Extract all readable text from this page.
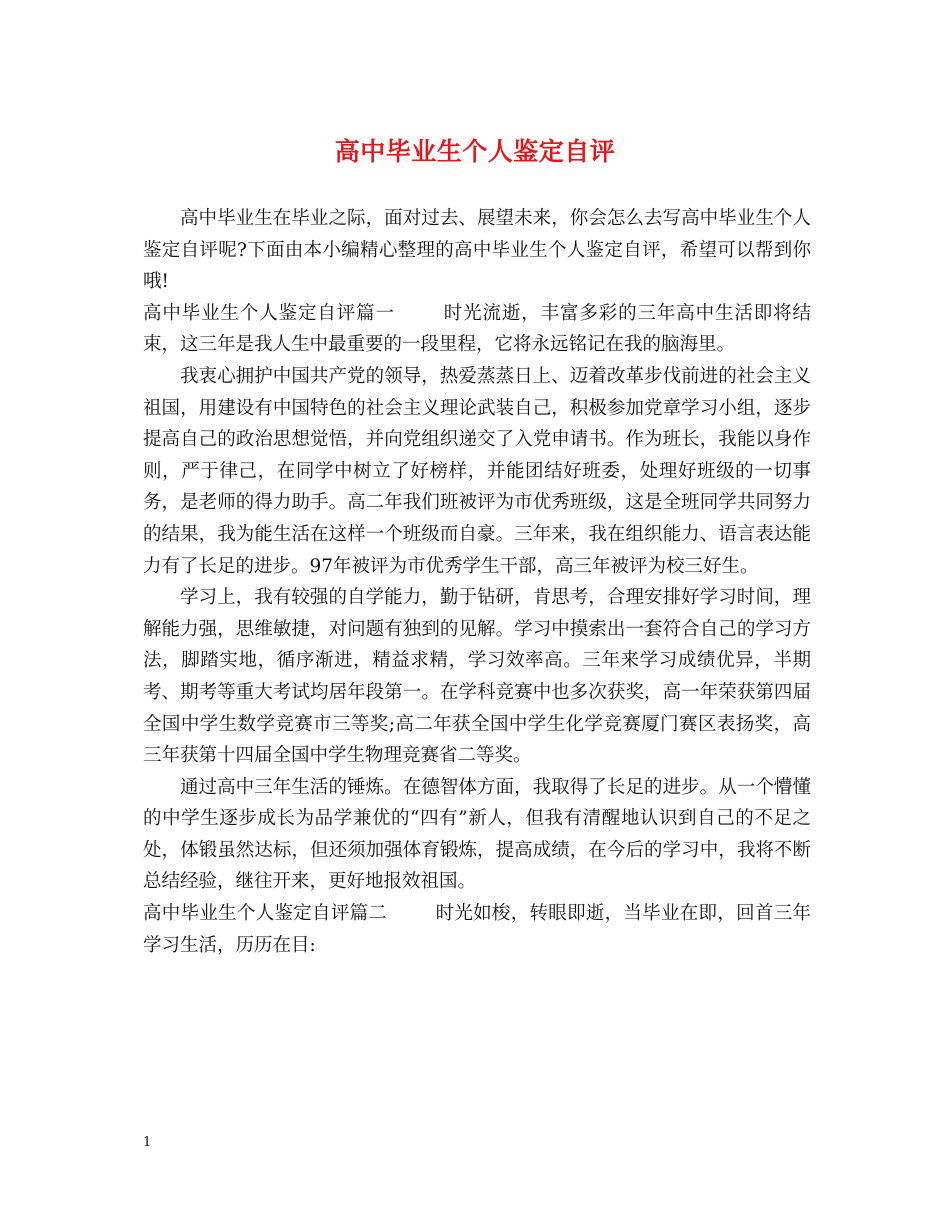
高中毕业生个人鉴定自评

高中毕业生在毕业之际，面对过去、展望未来，你会怎么去写高中毕业生个人鉴定自评呢?下面由本小编精心整理的高中毕业生个人鉴定自评，希望可以帮到你哦!

高中毕业生个人鉴定自评篇一	时光流逝，丰富多彩的三年高中生活即将结束，这三年是我人生中最重要的一段里程，它将永远铭记在我的脑海里。

我衷心拥护中国共产党的领导，热爱蒸蒸日上、迈着改革步伐前进的社会主义祖国，用建设有中国特色的社会主义理论武装自己，积极参加党章学习小组，逐步提高自己的政治思想觉悟，并向党组织递交了入党申请书。作为班长，我能以身作则，严于律己，在同学中树立了好榜样，并能团结好班委，处理好班级的一切事务，是老师的得力助手。高二年我们班被评为市优秀班级，这是全班同学共同努力的结果，我为能生活在这样一个班级而自豪。三年来，我在组织能力、语言表达能力有了长足的进步。97年被评为市优秀学生干部，高三年被评为校三好生。

学习上，我有较强的自学能力，勤于钻研，肯思考，合理安排好学习时间，理解能力强，思维敏捷，对问题有独到的见解。学习中摸索出一套符合自己的学习方法，脚踏实地，循序渐进，精益求精，学习效率高。三年来学习成绩优异，半期考、期考等重大考试均居年段第一。在学科竞赛中也多次获奖，高一年荣获第四届全国中学生数学竞赛市三等奖;高二年获全国中学生化学竞赛厦门赛区表扬奖，高三年获第十四届全国中学生物理竞赛省二等奖。

通过高中三年生活的锤炼。在德智体方面，我取得了长足的进步。从一个懵懂的中学生逐步成长为品学兼优的“四有”新人，但我有清醒地认识到自己的不足之处，体锻虽然达标，但还须加强体育锻炼，提高成绩，在今后的学习中，我将不断总结经验，继往开来，更好地报效祖国。

高中毕业生个人鉴定自评篇二	时光如梭，转眼即逝，当毕业在即，回首三年学习生活，历历在目:

1
